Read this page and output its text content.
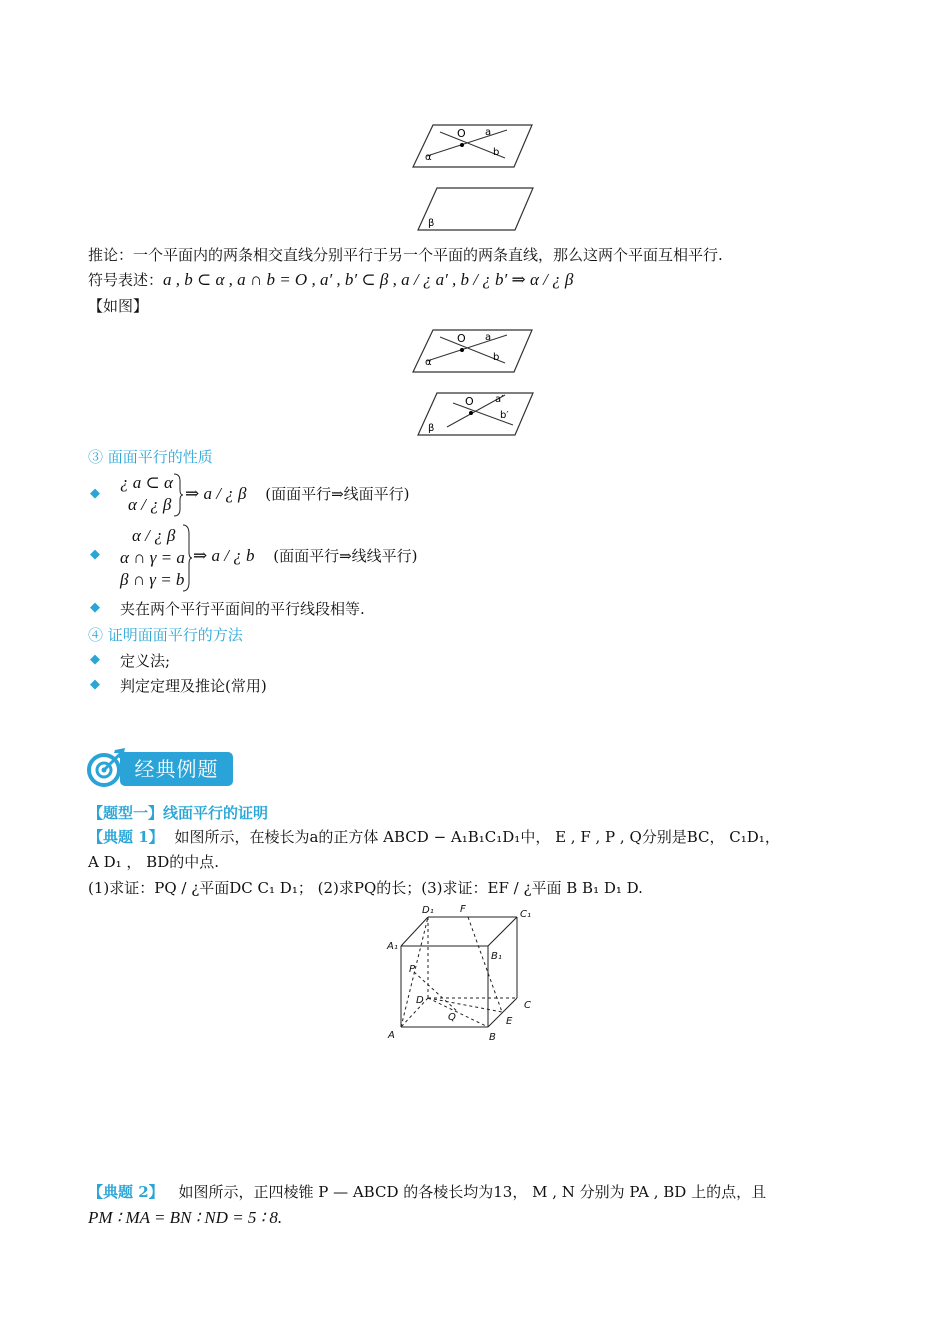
O a
b
α
β
推论：一个平面内的两条相交直线分别平行于另一个平面的两条直线，那么这两个平面互相平行.
符号表述：a , b ⊂ α , a ∩ b = O , a′ , b′ ⊂ β , a / ¿ a′ , b / ¿ b′ ⇒ α / ¿ β
【如图】
O a
b
α
O a′
b′
β
③ 面面平行的性质
◆
¿ a ⊂ α
α / ¿ β
⇒ a / ¿ β (面面平行⇒线面平行)
◆
α / ¿ β
α ∩ γ = a
β ∩ γ = b
⇒ a / ¿ b (面面平行⇒线线平行)
◆ 夹在两个平行平面间的平行线段相等.
④ 证明面面平行的方法
◆ 定义法;
◆ 判定定理及推论(常用)
经典例题
【题型一】线面平行的证明
【典题 1】 如图所示，在棱长为a的正方体 ABCD − A₁B₁C₁D₁中， E , F , P , Q分别是BC， C₁D₁，
A D₁ ， BD的中点.
(1)求证：PQ / ¿平面DC C₁ D₁； (2)求PQ的长；(3)求证：EF / ¿平面 B B₁ D₁ D.
D₁	F	C₁
A₁
B₁
P
D	C
Q	E
A	B
【典题 2】 如图所示，正四棱锥 P — ABCD 的各棱长均为13， M , N 分别为 PA , BD 上的点，且
PM ∶ MA = BN ∶ ND = 5 ∶ 8.
